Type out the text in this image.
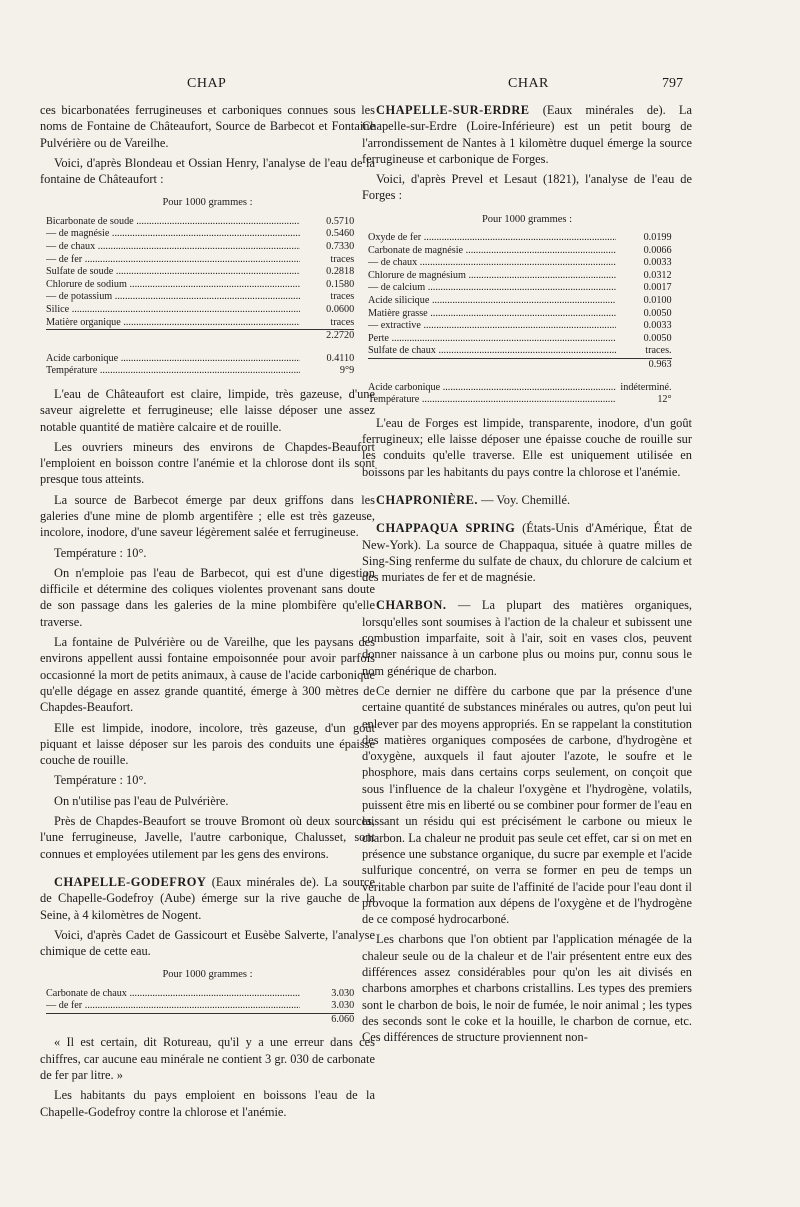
CHAP	CHAR	797

ces bicarbonatées ferrugineuses et carboniques connues sous les noms de Fontaine de Châteaufort, Source de Barbecot et Fontaine Pulvérière ou de Vareilhe.

Voici, d'après Blondeau et Ossian Henry, l'analyse de l'eau de la fontaine de Châteaufort :

Pour 1000 grammes :
Bicarbonate de soude .....	0.5710
— de magnésie .....	0.5460
— de chaux .....	0.7330
— de fer .....	traces
Sulfate de soude .....	0.2818
Chlorure de sodium .....	0.1580
— de potassium .....	traces
Silice .....	0.0600
Matière organique .....	traces
	2.2720

Acide carbonique .....	0.4110
Température .....	9°9

L'eau de Châteaufort est claire, limpide, très gazeuse, d'une saveur aigrelette et ferrugineuse; elle laisse déposer une assez notable quantité de matière calcaire et de rouille.

Les ouvriers mineurs des environs de Chapdes-Beaufort l'emploient en boisson contre l'anémie et la chlorose dont ils sont presque tous atteints.

La source de Barbecot émerge par deux griffons dans les galeries d'une mine de plomb argentifère ; elle est très gazeuse, incolore, inodore, d'une saveur légèrement salée et ferrugineuse.

Température : 10°.

On n'emploie pas l'eau de Barbecot, qui est d'une digestion difficile et détermine des coliques violentes provenant sans doute de son passage dans les galeries de la mine plombifère qu'elle traverse.

La fontaine de Pulvérière ou de Vareilhe, que les paysans des environs appellent aussi fontaine empoisonnée pour avoir parfois occasionné la mort de petits animaux, à cause de l'acide carbonique qu'elle dégage en assez grande quantité, émerge à 300 mètres de Chapdes-Beaufort.

Elle est limpide, inodore, incolore, très gazeuse, d'un goût piquant et laisse déposer sur les parois des conduits une épaisse couche de rouille.

Température : 10°.

On n'utilise pas l'eau de Pulvérière.

Près de Chapdes-Beaufort se trouve Bromont où deux sources, l'une ferrugineuse, Javelle, l'autre carbonique, Chalusset, sont connues et employées utilement par les gens des environs.

CHAPELLE-GODEFROY (Eaux minérales de). La source de Chapelle-Godefroy (Aube) émerge sur la rive gauche de la Seine, à 4 kilomètres de Nogent.

Voici, d'après Cadet de Gassicourt et Eusèbe Salverte, l'analyse chimique de cette eau.

Pour 1000 grammes :
Carbonate de chaux .....	3.030
— de fer .....	3.030
	6.060

« Il est certain, dit Rotureau, qu'il y a une erreur dans ces chiffres, car aucune eau minérale ne contient 3 gr. 030 de carbonate de fer par litre. »

Les habitants du pays emploient en boissons l'eau de la Chapelle-Godefroy contre la chlorose et l'anémie.

CHAPELLE-SUR-ERDRE (Eaux minérales de). La Chapelle-sur-Erdre (Loire-Inférieure) est un petit bourg de l'arrondissement de Nantes à 1 kilomètre duquel émerge la source ferrugineuse et carbonique de Forges.

Voici, d'après Prevel et Lesaut (1821), l'analyse de l'eau de Forges :

Pour 1000 grammes :
Oxyde de fer .....	0.0199
Carbonate de magnésie .....	0.0066
— de chaux .....	0.0033
Chlorure de magnésium .....	0.0312
— de calcium .....	0.0017
Acide silicique .....	0.0100
Matière grasse .....	0.0050
— extractive .....	0.0033
Perte .....	0.0050
Sulfate de chaux .....	traces.
	0.963

Acide carbonique .....	indéterminé.
Température .....	12°

L'eau de Forges est limpide, transparente, inodore, d'un goût ferrugineux; elle laisse déposer une épaisse couche de rouille sur les conduits qu'elle traverse. Elle est uniquement utilisée en boissons par les habitants du pays contre la chlorose et l'anémie.

CHAPRONIÈRE. — Voy. Chemillé.

CHAPPAQUA SPRING (États-Unis d'Amérique, État de New-York). La source de Chappaqua, située à quatre milles de Sing-Sing renferme du sulfate de chaux, du chlorure de calcium et des muriates de fer et de magnésie.

CHARBON. — La plupart des matières organiques, lorsqu'elles sont soumises à l'action de la chaleur et subissent une combustion imparfaite, soit à l'air, soit en vases clos, peuvent donner naissance à un carbone plus ou moins pur, connu sous le nom générique de charbon.

Ce dernier ne diffère du carbone que par la présence d'une certaine quantité de substances minérales ou autres, qu'on peut lui enlever par des moyens appropriés. En se rappelant la constitution des matières organiques composées de carbone, d'hydrogène et d'oxygène, auxquels il faut ajouter l'azote, le soufre et le phosphore, mais dans certains corps seulement, on conçoit que sous l'influence de la chaleur l'oxygène et l'hydrogène, volatils, puissent être mis en liberté ou se combiner pour former de l'eau en laissant un résidu qui est précisément le carbone ou mieux le charbon. La chaleur ne produit pas seule cet effet, car si on met en présence une substance organique, du sucre par exemple et l'acide sulfurique concentré, on verra se former en peu de temps un véritable charbon par suite de l'affinité de l'acide pour l'eau dont il provoque la formation aux dépens de l'oxygène et de l'hydrogène de ce composé hydrocarboné.

Les charbons que l'on obtient par l'application ménagée de la chaleur seule ou de la chaleur et de l'air présentent entre eux des différences assez considérables pour qu'on les ait divisés en charbons amorphes et charbons cristallins. Les types des premiers sont le charbon de bois, le noir de fumée, le noir animal ; les types des seconds sont le coke et la houille, le charbon de cornue, etc. Ces différences de structure proviennent non-
